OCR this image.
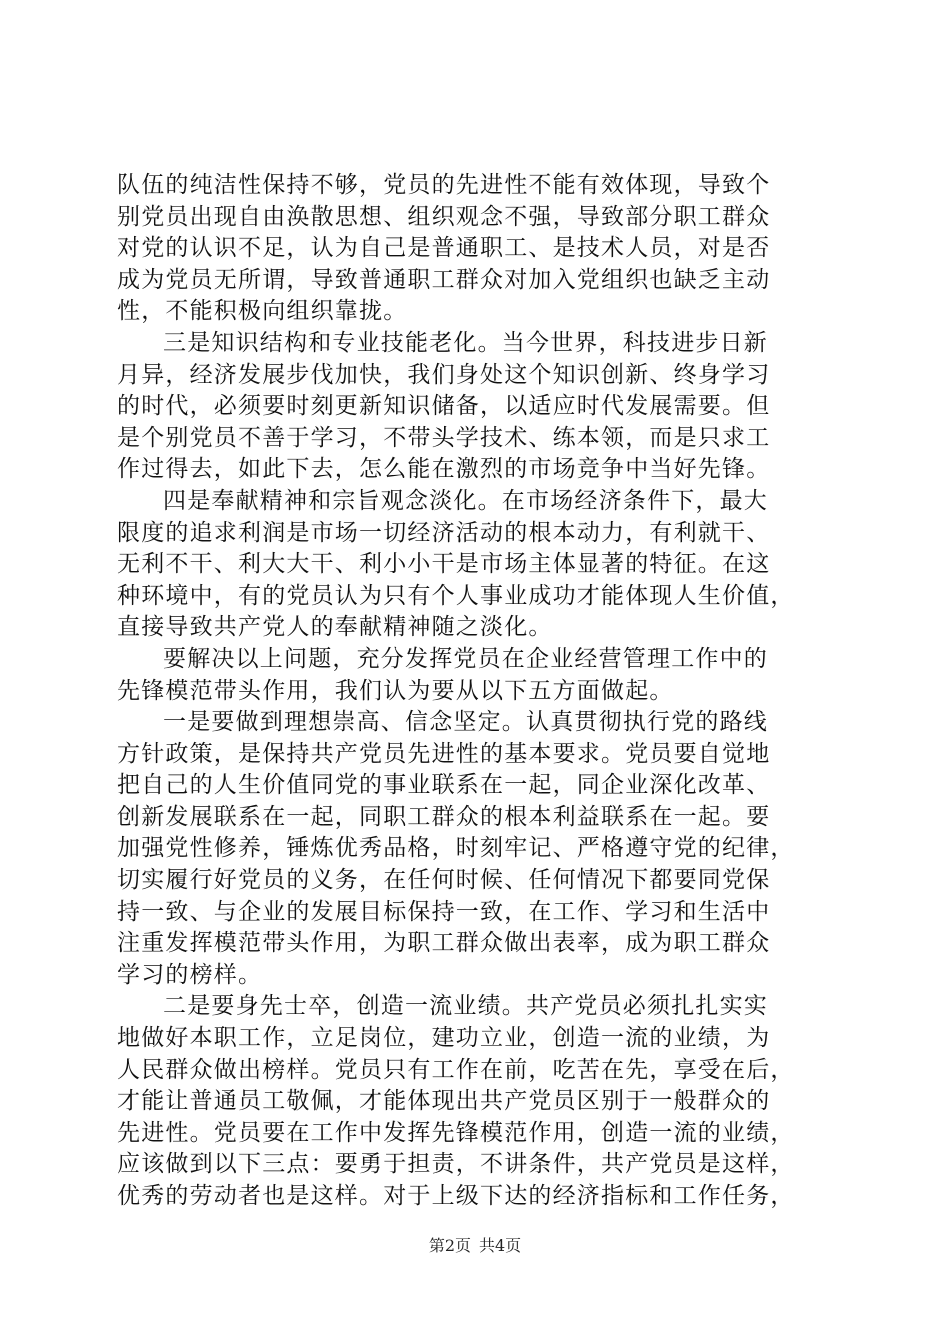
队伍的纯洁性保持不够，党员的先进性不能有效体现，导致个
别党员出现自由涣散思想、组织观念不强，导致部分职工群众
对党的认识不足，认为自己是普通职工、是技术人员，对是否
成为党员无所谓，导致普通职工群众对加入党组织也缺乏主动
性，不能积极向组织靠拢。
三是知识结构和专业技能老化。当今世界，科技进步日新
月异，经济发展步伐加快，我们身处这个知识创新、终身学习
的时代，必须要时刻更新知识储备，以适应时代发展需要。但
是个别党员不善于学习，不带头学技术、练本领，而是只求工
作过得去，如此下去，怎么能在激烈的市场竞争中当好先锋。
四是奉献精神和宗旨观念淡化。在市场经济条件下，最大
限度的追求利润是市场一切经济活动的根本动力，有利就干、
无利不干、利大大干、利小小干是市场主体显著的特征。在这
种环境中，有的党员认为只有个人事业成功才能体现人生价值，
直接导致共产党人的奉献精神随之淡化。
要解决以上问题，充分发挥党员在企业经营管理工作中的
先锋模范带头作用，我们认为要从以下五方面做起。
一是要做到理想崇高、信念坚定。认真贯彻执行党的路线
方针政策，是保持共产党员先进性的基本要求。党员要自觉地
把自己的人生价值同党的事业联系在一起，同企业深化改革、
创新发展联系在一起，同职工群众的根本利益联系在一起。要
加强党性修养，锤炼优秀品格，时刻牢记、严格遵守党的纪律，
切实履行好党员的义务，在任何时候、任何情况下都要同党保
持一致、与企业的发展目标保持一致，在工作、学习和生活中
注重发挥模范带头作用，为职工群众做出表率，成为职工群众
学习的榜样。
二是要身先士卒，创造一流业绩。共产党员必须扎扎实实
地做好本职工作，立足岗位，建功立业，创造一流的业绩，为
人民群众做出榜样。党员只有工作在前，吃苦在先，享受在后，
才能让普通员工敬佩，才能体现出共产党员区别于一般群众的
先进性。党员要在工作中发挥先锋模范作用，创造一流的业绩，
应该做到以下三点：要勇于担责，不讲条件，共产党员是这样，
优秀的劳动者也是这样。对于上级下达的经济指标和工作任务，
第2页 共4页
